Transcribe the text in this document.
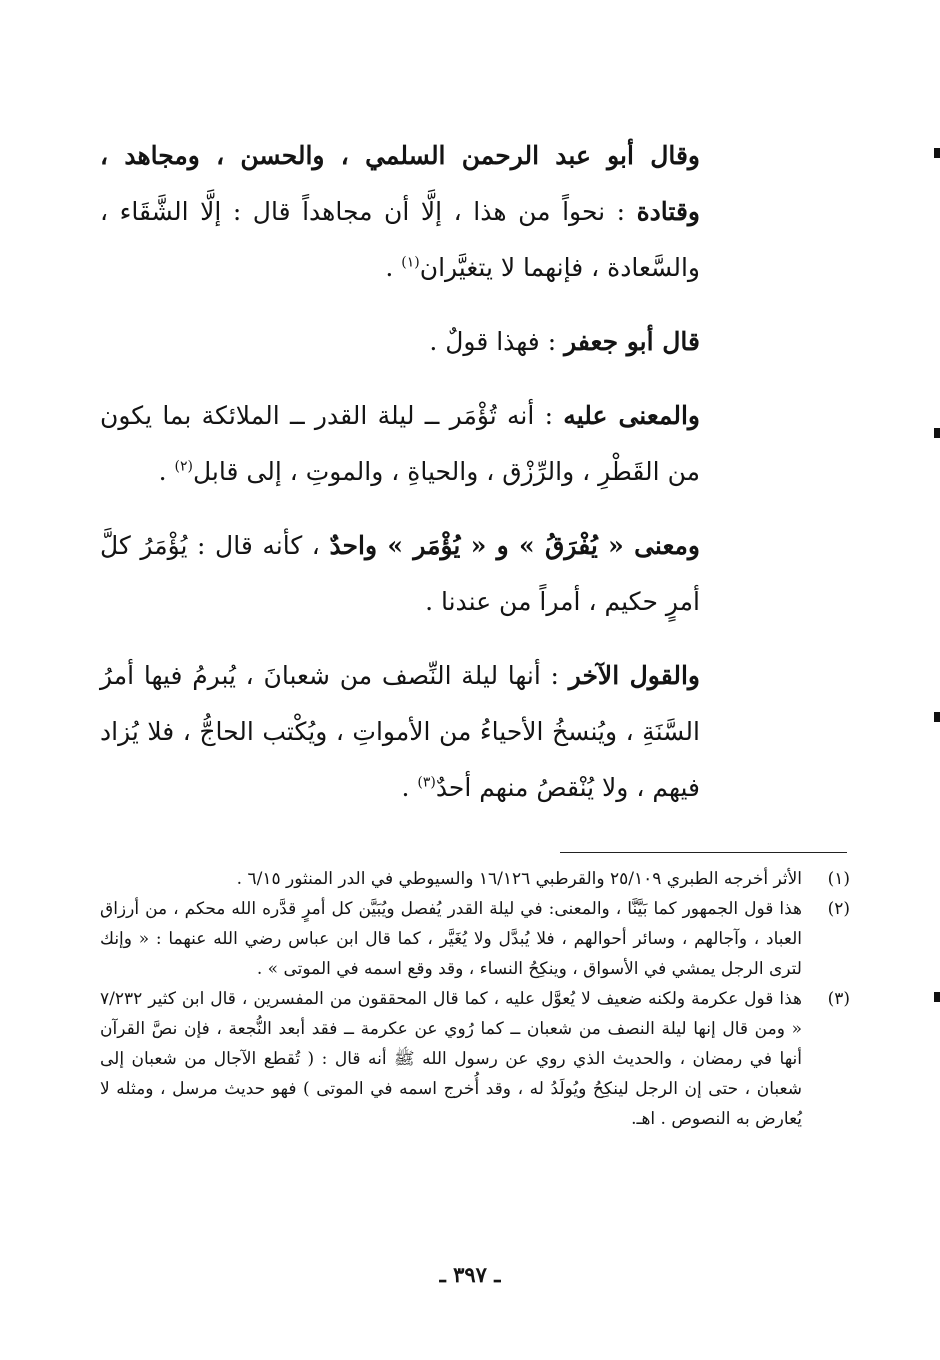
وقال أبو عبد الرحمن السلمي ، والحسن ، ومجاهد ، وقتادة : نحواً من هذا ، إلَّا أن مجاهداً قال : إلَّا الشَّقَاء ، والسَّعادة ، فإنهما لا يتغيَّران$^{(١)}$ .

قال أبو جعفر : فهذا قولٌ .

والمعنى عليه : أنه تُؤْمَر ــ ليلة القدر ــ الملائكة بما يكون من القَطْرِ ، والرِّزْق ، والحياةِ ، والموتِ ، إلى قابل$^{(٢)}$ .

ومعنى « يُفْرَقُ » و « يُؤْمَر » واحدٌ ، كأنه قال : يُؤْمَرُ كلَّ أمرٍ حكيم ، أمراً من عندنا .

والقول الآخر : أنها ليلة النِّصف من شعبانَ ، يُبرمُ فيها أمرُ السَّنَةِ ، ويُنسخُ الأحياءُ من الأمواتِ ، ويُكْتب الحاجُّ ، فلا يُزاد فيهم ، ولا يُنْقصُ منهم أحدٌ$^{(٣)}$ .

(١)
الأثر أخرجه الطبري ٢٥/١٠٩ والقرطبي ١٦/١٢٦ والسيوطي في الدر المنثور ٦/١٥ .
(٢)
هذا قول الجمهور كما بَيَّنَّا ، والمعنى: في ليلة القدر يُفصل ويُبَيَّن كل أمرٍ قدَّره الله محكم ، من أرزاق العباد ، وآجالهم ، وسائر أحوالهم ، فلا يُبدَّل ولا يُغَيَّر ، كما قال ابن عباس رضي الله عنهما : « وإنك لترى الرجل يمشي في الأسواق ، وينكِحُ النساء ، وقد وقع اسمه في الموتى » .
(٣)
هذا قول عكرمة ولكنه ضعيف لا يُعوَّل عليه ، كما قال المحققون من المفسرين ، قال ابن كثير ٧/٢٣٢ « ومن قال إنها ليلة النصف من شعبان ــ كما رُوي عن عكرمة ــ فقد أبعد النُّجعة ، فإن نصَّ القرآن أنها في رمضان ، والحديث الذي روي عن رسول الله ﷺ أنه قال : ( تُقطع الآجال من شعبان إلى شعبان ، حتى إن الرجل لينكِحُ ويُولَدُ له ، وقد أُخرج اسمه في الموتى ) فهو حديث مرسل ، ومثله لا يُعارض به النصوص . اهـ.
ـ ٣٩٧ ـ
